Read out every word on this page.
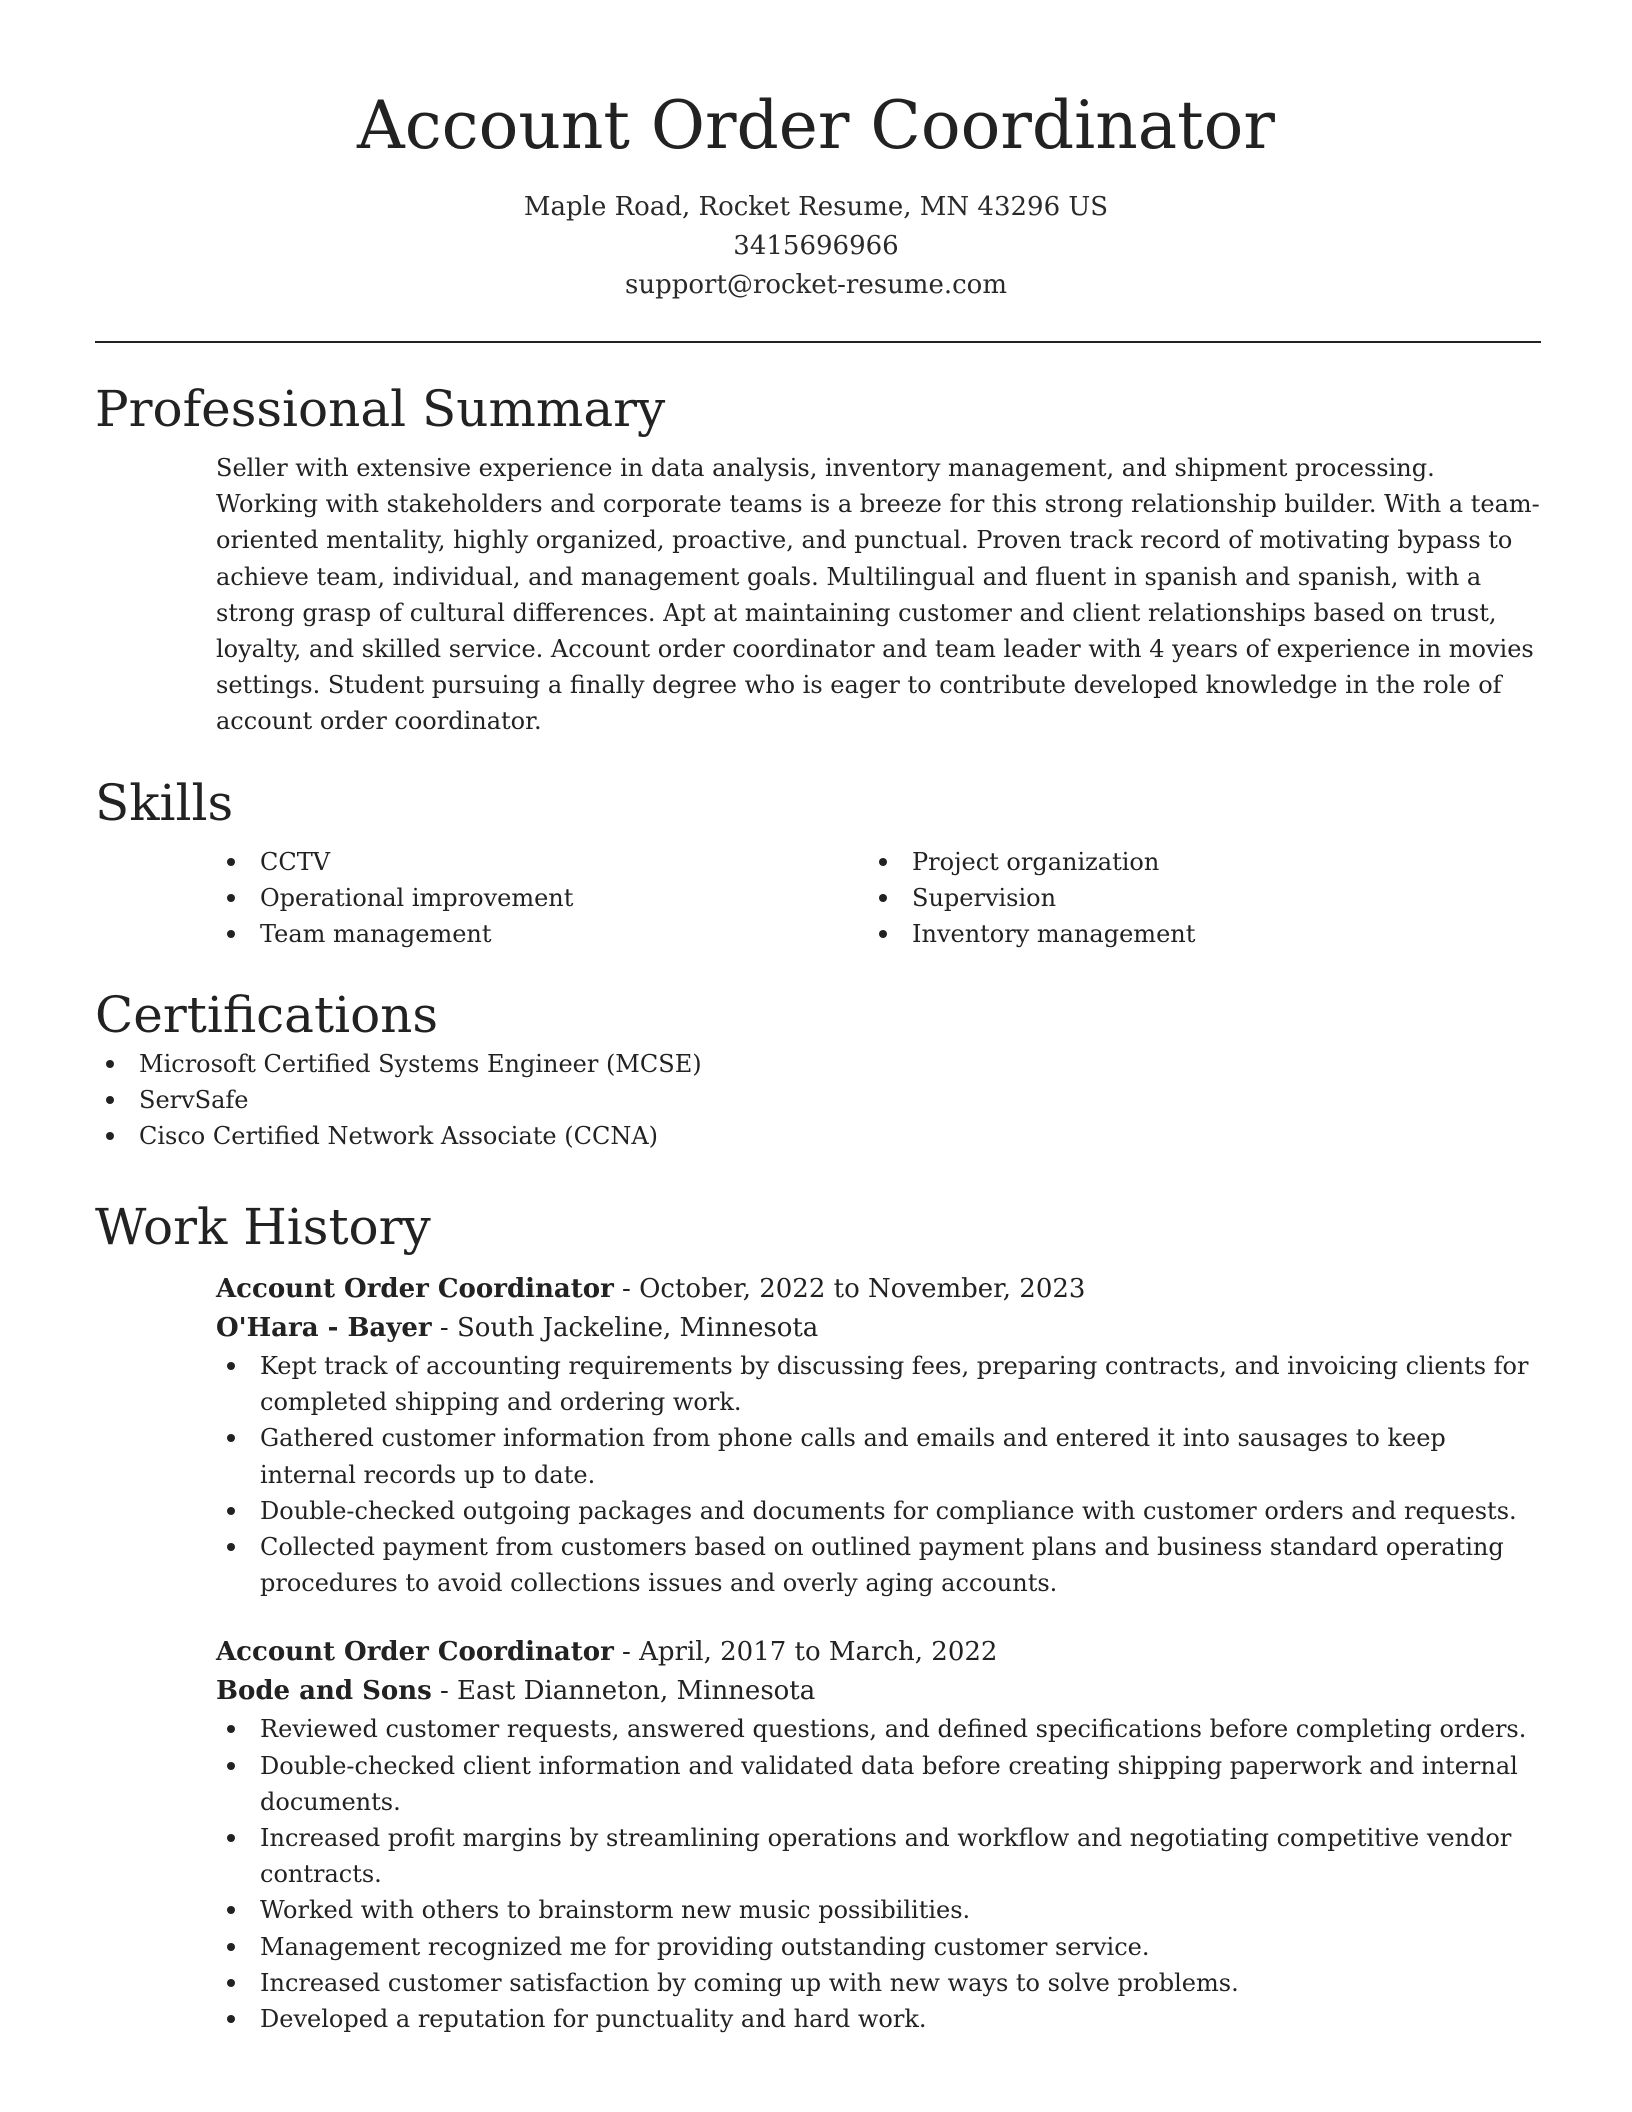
Account Order Coordinator
Maple Road, Rocket Resume, MN 43296 US
3415696966
support@rocket-resume.com
Professional Summary

Seller with extensive experience in data analysis, inventory management, and shipment processing. Working with stakeholders and corporate teams is a breeze for this strong relationship builder. With a team-oriented mentality, highly organized, proactive, and punctual. Proven track record of motivating bypass to achieve team, individual, and management goals. Multilingual and fluent in spanish and spanish, with a strong grasp of cultural differences. Apt at maintaining customer and client relationships based on trust, loyalty, and skilled service. Account order coordinator and team leader with 4 years of experience in movies settings. Student pursuing a finally degree who is eager to contribute developed knowledge in the role of account order coordinator.

Skills
CCTV
Operational improvement
Team management
Project organization
Supervision
Inventory management
Certifications
Microsoft Certified Systems Engineer (MCSE)
ServSafe
Cisco Certified Network Associate (CCNA)
Work History
Account Order Coordinator - October, 2022 to November, 2023
O'Hara - Bayer - South Jackeline, Minnesota
Kept track of accounting requirements by discussing fees, preparing contracts, and invoicing clients for completed shipping and ordering work.
Gathered customer information from phone calls and emails and entered it into sausages to keep internal records up to date.
Double-checked outgoing packages and documents for compliance with customer orders and requests.
Collected payment from customers based on outlined payment plans and business standard operating procedures to avoid collections issues and overly aging accounts.
Account Order Coordinator - April, 2017 to March, 2022
Bode and Sons - East Dianneton, Minnesota
Reviewed customer requests, answered questions, and defined specifications before completing orders.
Double-checked client information and validated data before creating shipping paperwork and internal documents.
Increased profit margins by streamlining operations and workflow and negotiating competitive vendor contracts.
Worked with others to brainstorm new music possibilities.
Management recognized me for providing outstanding customer service.
Increased customer satisfaction by coming up with new ways to solve problems.
Developed a reputation for punctuality and hard work.
